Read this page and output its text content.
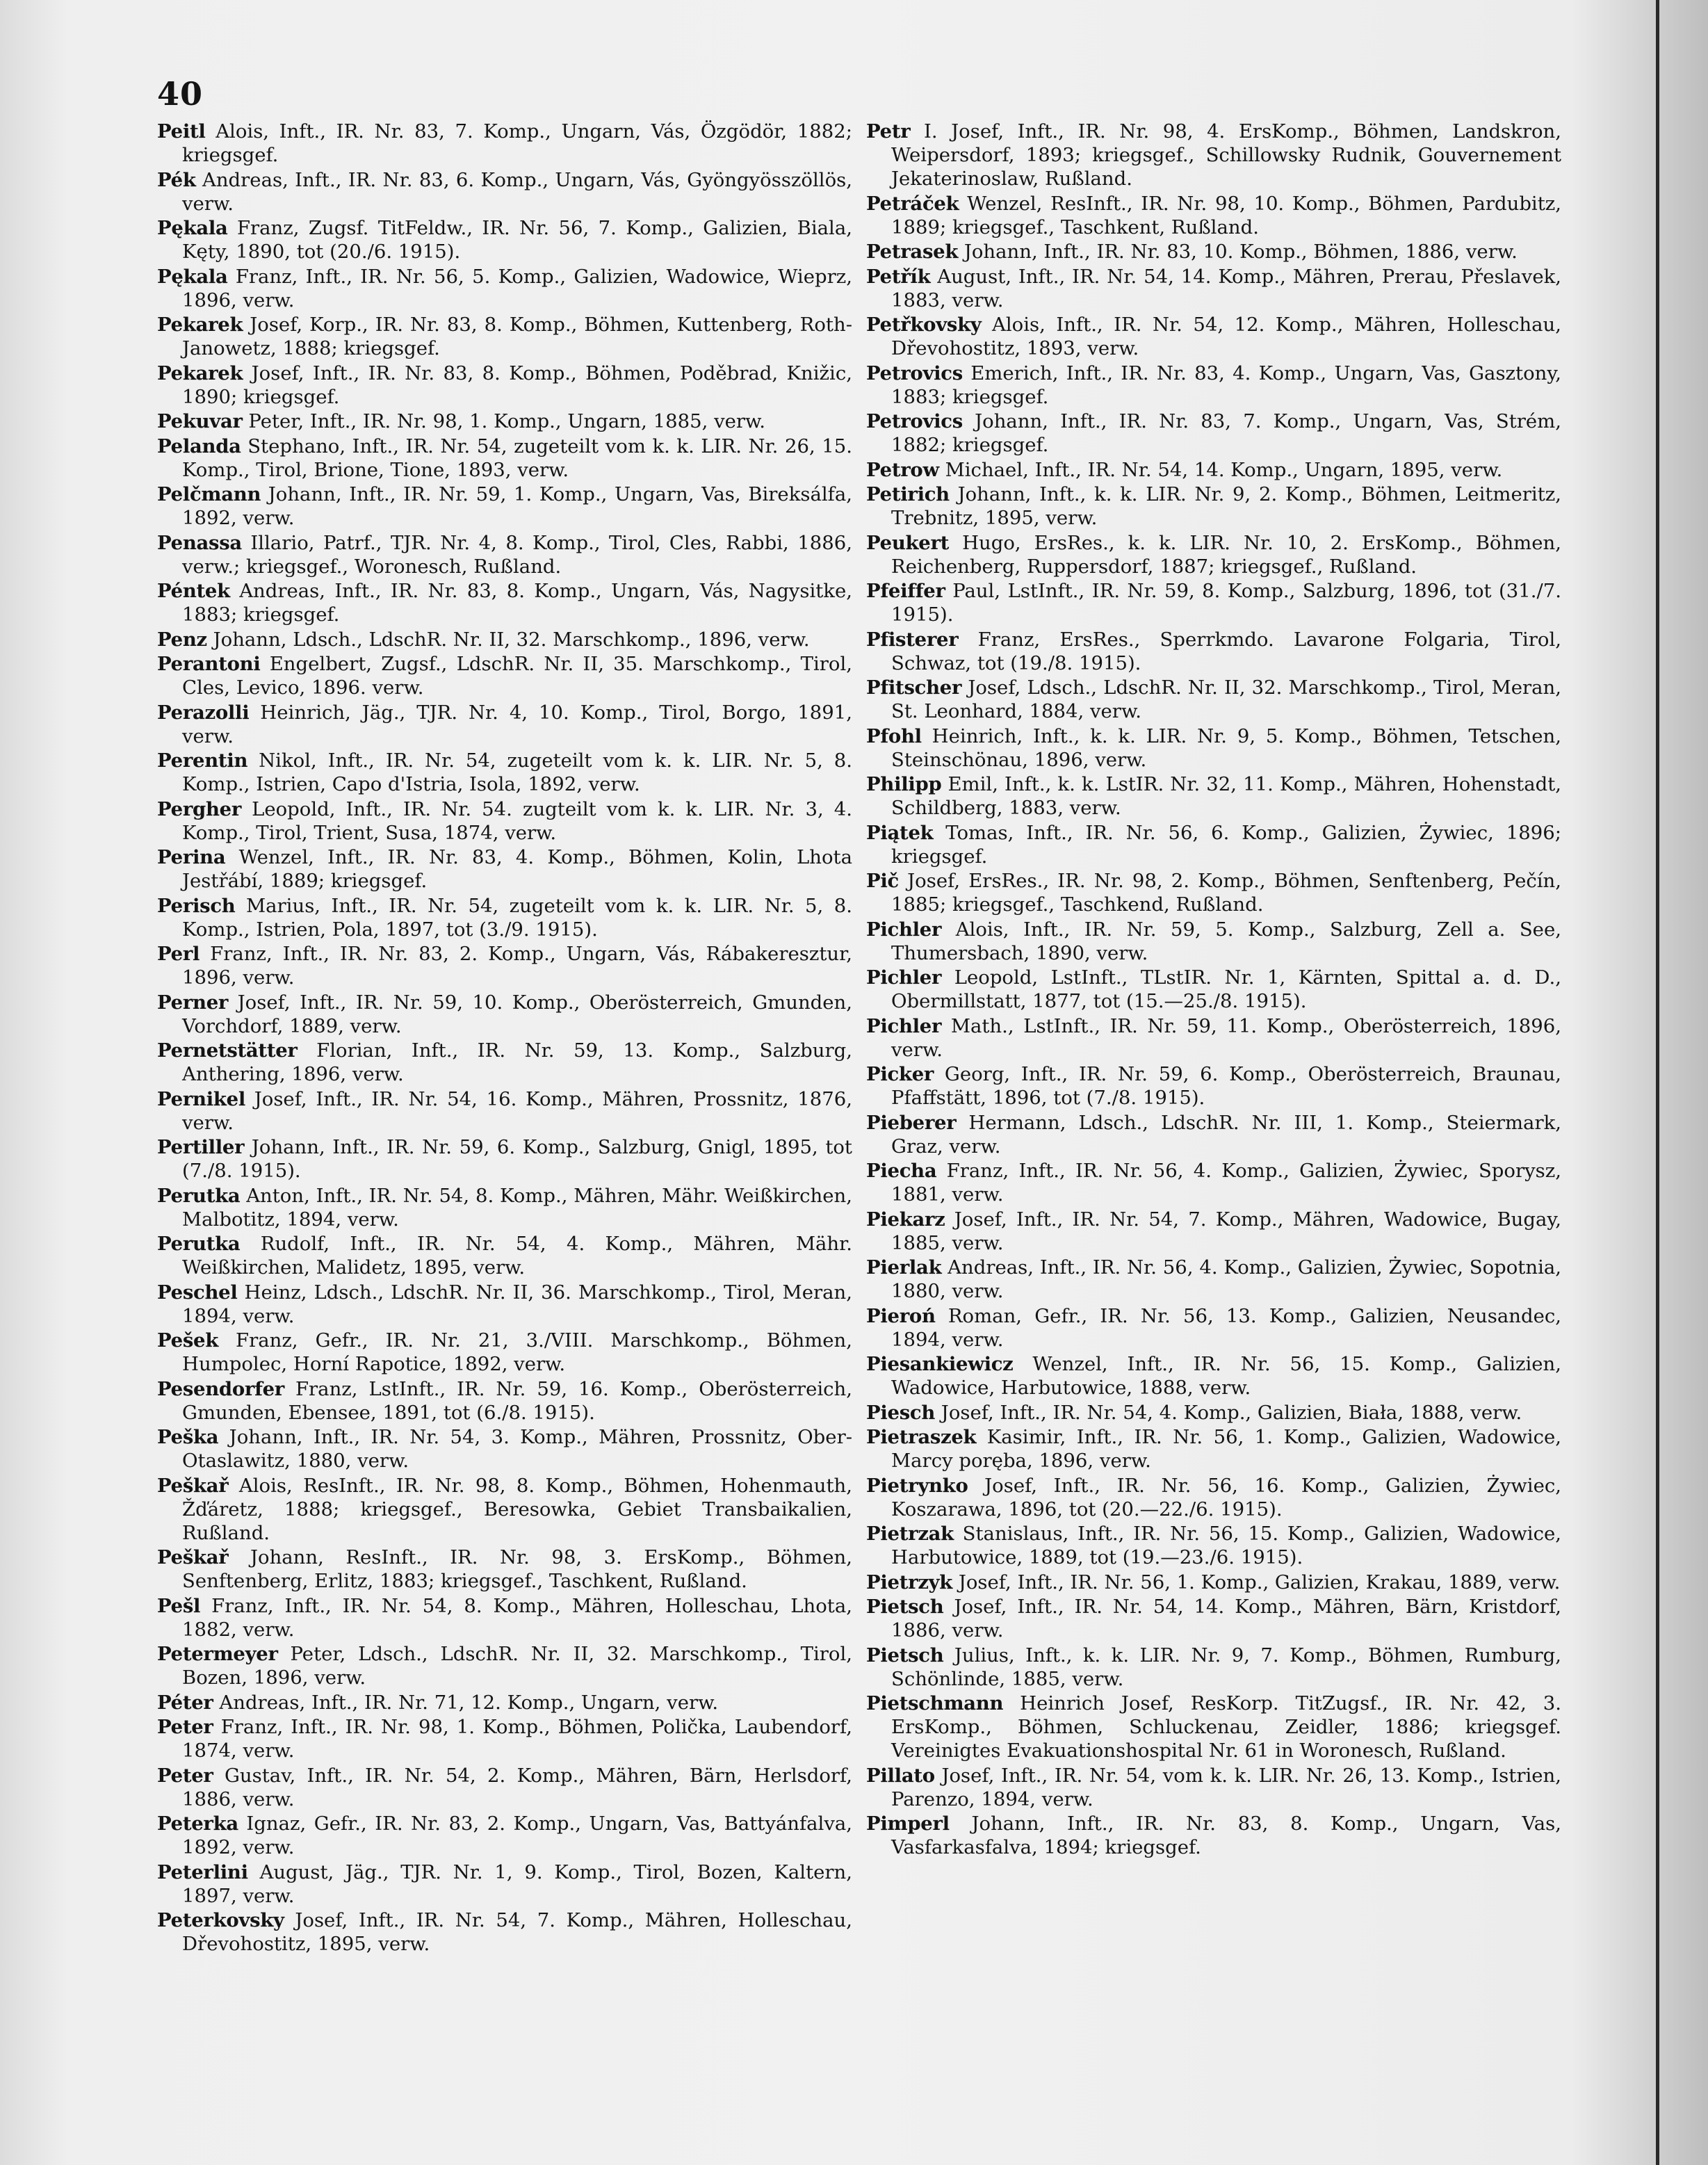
40

Peitl Alois, Inft., IR. Nr. 83, 7. Komp., Ungarn, Vás, Özgödör, 1882; kriegsgef.

Pék Andreas, Inft., IR. Nr. 83, 6. Komp., Ungarn, Vás, Gyöngyösszöllös, verw.

Pękala Franz, Zugsf. TitFeldw., IR. Nr. 56, 7. Komp., Galizien, Biala, Kęty, 1890, tot (20./6. 1915).

Pękala Franz, Inft., IR. Nr. 56, 5. Komp., Galizien, Wadowice, Wieprz, 1896, verw.

Pekarek Josef, Korp., IR. Nr. 83, 8. Komp., Böhmen, Kuttenberg, Roth-Janowetz, 1888; kriegsgef.

Pekarek Josef, Inft., IR. Nr. 83, 8. Komp., Böhmen, Poděbrad, Knižic, 1890; kriegsgef.

Pekuvar Peter, Inft., IR. Nr. 98, 1. Komp., Ungarn, 1885, verw.

Pelanda Stephano, Inft., IR. Nr. 54, zugeteilt vom k. k. LIR. Nr. 26, 15. Komp., Tirol, Brione, Tione, 1893, verw.

Pelčmann Johann, Inft., IR. Nr. 59, 1. Komp., Ungarn, Vas, Bireksálfa, 1892, verw.

Penassa Illario, Patrf., TJR. Nr. 4, 8. Komp., Tirol, Cles, Rabbi, 1886, verw.; kriegsgef., Woronesch, Rußland.

Péntek Andreas, Inft., IR. Nr. 83, 8. Komp., Ungarn, Vás, Nagysitke, 1883; kriegsgef.

Penz Johann, Ldsch., LdschR. Nr. II, 32. Marschkomp., 1896, verw.

Perantoni Engelbert, Zugsf., LdschR. Nr. II, 35. Marschkomp., Tirol, Cles, Levico, 1896. verw.

Perazolli Heinrich, Jäg., TJR. Nr. 4, 10. Komp., Tirol, Borgo, 1891, verw.

Perentin Nikol, Inft., IR. Nr. 54, zugeteilt vom k. k. LIR. Nr. 5, 8. Komp., Istrien, Capo d'Istria, Isola, 1892, verw.

Pergher Leopold, Inft., IR. Nr. 54. zugteilt vom k. k. LIR. Nr. 3, 4. Komp., Tirol, Trient, Susa, 1874, verw.

Perina Wenzel, Inft., IR. Nr. 83, 4. Komp., Böhmen, Kolin, Lhota Jestřábí, 1889; kriegsgef.

Perisch Marius, Inft., IR. Nr. 54, zugeteilt vom k. k. LIR. Nr. 5, 8. Komp., Istrien, Pola, 1897, tot (3./9. 1915).

Perl Franz, Inft., IR. Nr. 83, 2. Komp., Ungarn, Vás, Rábakeresztur, 1896, verw.

Perner Josef, Inft., IR. Nr. 59, 10. Komp., Oberösterreich, Gmunden, Vorchdorf, 1889, verw.

Pernetstätter Florian, Inft., IR. Nr. 59, 13. Komp., Salzburg, Anthering, 1896, verw.

Pernikel Josef, Inft., IR. Nr. 54, 16. Komp., Mähren, Prossnitz, 1876, verw.

Pertiller Johann, Inft., IR. Nr. 59, 6. Komp., Salzburg, Gnigl, 1895, tot (7./8. 1915).

Perutka Anton, Inft., IR. Nr. 54, 8. Komp., Mähren, Mähr. Weißkirchen, Malbotitz, 1894, verw.

Perutka Rudolf, Inft., IR. Nr. 54, 4. Komp., Mähren, Mähr. Weißkirchen, Malidetz, 1895, verw.

Peschel Heinz, Ldsch., LdschR. Nr. II, 36. Marschkomp., Tirol, Meran, 1894, verw.

Pešek Franz, Gefr., IR. Nr. 21, 3./VIII. Marschkomp., Böhmen, Humpolec, Horní Rapotice, 1892, verw.

Pesendorfer Franz, LstInft., IR. Nr. 59, 16. Komp., Oberösterreich, Gmunden, Ebensee, 1891, tot (6./8. 1915).

Peška Johann, Inft., IR. Nr. 54, 3. Komp., Mähren, Prossnitz, Ober-Otaslawitz, 1880, verw.

Peškař Alois, ResInft., IR. Nr. 98, 8. Komp., Böhmen, Hohenmauth, Žďáretz, 1888; kriegsgef., Beresowka, Gebiet Transbaikalien, Rußland.

Peškař Johann, ResInft., IR. Nr. 98, 3. ErsKomp., Böhmen, Senftenberg, Erlitz, 1883; kriegsgef., Taschkent, Rußland.

Pešl Franz, Inft., IR. Nr. 54, 8. Komp., Mähren, Holleschau, Lhota, 1882, verw.

Petermeyer Peter, Ldsch., LdschR. Nr. II, 32. Marschkomp., Tirol, Bozen, 1896, verw.

Péter Andreas, Inft., IR. Nr. 71, 12. Komp., Ungarn, verw.

Peter Franz, Inft., IR. Nr. 98, 1. Komp., Böhmen, Polička, Laubendorf, 1874, verw.

Peter Gustav, Inft., IR. Nr. 54, 2. Komp., Mähren, Bärn, Herlsdorf, 1886, verw.

Peterka Ignaz, Gefr., IR. Nr. 83, 2. Komp., Ungarn, Vas, Battyánfalva, 1892, verw.

Peterlini August, Jäg., TJR. Nr. 1, 9. Komp., Tirol, Bozen, Kaltern, 1897, verw.

Peterkovsky Josef, Inft., IR. Nr. 54, 7. Komp., Mähren, Holleschau, Dřevohostitz, 1895, verw.

Petr I. Josef, Inft., IR. Nr. 98, 4. ErsKomp., Böhmen, Landskron, Weipersdorf, 1893; kriegsgef., Schillowsky Rudnik, Gouvernement Jekaterinoslaw, Rußland.

Petráček Wenzel, ResInft., IR. Nr. 98, 10. Komp., Böhmen, Pardubitz, 1889; kriegsgef., Taschkent, Rußland.

Petrasek Johann, Inft., IR. Nr. 83, 10. Komp., Böhmen, 1886, verw.

Petřík August, Inft., IR. Nr. 54, 14. Komp., Mähren, Prerau, Přeslavek, 1883, verw.

Petřkovsky Alois, Inft., IR. Nr. 54, 12. Komp., Mähren, Holleschau, Dřevohostitz, 1893, verw.

Petrovics Emerich, Inft., IR. Nr. 83, 4. Komp., Ungarn, Vas, Gasztony, 1883; kriegsgef.

Petrovics Johann, Inft., IR. Nr. 83, 7. Komp., Ungarn, Vas, Strém, 1882; kriegsgef.

Petrow Michael, Inft., IR. Nr. 54, 14. Komp., Ungarn, 1895, verw.

Petirich Johann, Inft., k. k. LIR. Nr. 9, 2. Komp., Böhmen, Leitmeritz, Trebnitz, 1895, verw.

Peukert Hugo, ErsRes., k. k. LIR. Nr. 10, 2. ErsKomp., Böhmen, Reichenberg, Ruppersdorf, 1887; kriegsgef., Rußland.

Pfeiffer Paul, LstInft., IR. Nr. 59, 8. Komp., Salzburg, 1896, tot (31./7. 1915).

Pfisterer Franz, ErsRes., Sperrkmdo. Lavarone Folgaria, Tirol, Schwaz, tot (19./8. 1915).

Pfitscher Josef, Ldsch., LdschR. Nr. II, 32. Marschkomp., Tirol, Meran, St. Leonhard, 1884, verw.

Pfohl Heinrich, Inft., k. k. LIR. Nr. 9, 5. Komp., Böhmen, Tetschen, Steinschönau, 1896, verw.

Philipp Emil, Inft., k. k. LstIR. Nr. 32, 11. Komp., Mähren, Hohenstadt, Schildberg, 1883, verw.

Piątek Tomas, Inft., IR. Nr. 56, 6. Komp., Galizien, Żywiec, 1896; kriegsgef.

Pič Josef, ErsRes., IR. Nr. 98, 2. Komp., Böhmen, Senftenberg, Pečín, 1885; kriegsgef., Taschkend, Rußland.

Pichler Alois, Inft., IR. Nr. 59, 5. Komp., Salzburg, Zell a. See, Thumersbach, 1890, verw.

Pichler Leopold, LstInft., TLstIR. Nr. 1, Kärnten, Spittal a. d. D., Obermillstatt, 1877, tot (15.—25./8. 1915).

Pichler Math., LstInft., IR. Nr. 59, 11. Komp., Oberösterreich, 1896, verw.

Picker Georg, Inft., IR. Nr. 59, 6. Komp., Oberösterreich, Braunau, Pfaffstätt, 1896, tot (7./8. 1915).

Pieberer Hermann, Ldsch., LdschR. Nr. III, 1. Komp., Steiermark, Graz, verw.

Piecha Franz, Inft., IR. Nr. 56, 4. Komp., Galizien, Żywiec, Sporysz, 1881, verw.

Piekarz Josef, Inft., IR. Nr. 54, 7. Komp., Mähren, Wadowice, Bugay, 1885, verw.

Pierlak Andreas, Inft., IR. Nr. 56, 4. Komp., Galizien, Żywiec, Sopotnia, 1880, verw.

Pieroń Roman, Gefr., IR. Nr. 56, 13. Komp., Galizien, Neusandec, 1894, verw.

Piesankiewicz Wenzel, Inft., IR. Nr. 56, 15. Komp., Galizien, Wadowice, Harbutowice, 1888, verw.

Piesch Josef, Inft., IR. Nr. 54, 4. Komp., Galizien, Biała, 1888, verw.

Pietraszek Kasimir, Inft., IR. Nr. 56, 1. Komp., Galizien, Wadowice, Marcy poręba, 1896, verw.

Pietrynko Josef, Inft., IR. Nr. 56, 16. Komp., Galizien, Żywiec, Koszarawa, 1896, tot (20.—22./6. 1915).

Pietrzak Stanislaus, Inft., IR. Nr. 56, 15. Komp., Galizien, Wadowice, Harbutowice, 1889, tot (19.—23./6. 1915).

Pietrzyk Josef, Inft., IR. Nr. 56, 1. Komp., Galizien, Krakau, 1889, verw.

Pietsch Josef, Inft., IR. Nr. 54, 14. Komp., Mähren, Bärn, Kristdorf, 1886, verw.

Pietsch Julius, Inft., k. k. LIR. Nr. 9, 7. Komp., Böhmen, Rumburg, Schönlinde, 1885, verw.

Pietschmann Heinrich Josef, ResKorp. TitZugsf., IR. Nr. 42, 3. ErsKomp., Böhmen, Schluckenau, Zeidler, 1886; kriegsgef. Vereinigtes Evakuationshospital Nr. 61 in Woronesch, Rußland.

Pillato Josef, Inft., IR. Nr. 54, vom k. k. LIR. Nr. 26, 13. Komp., Istrien, Parenzo, 1894, verw.

Pimperl Johann, Inft., IR. Nr. 83, 8. Komp., Ungarn, Vas, Vasfarkasfalva, 1894; kriegsgef.
